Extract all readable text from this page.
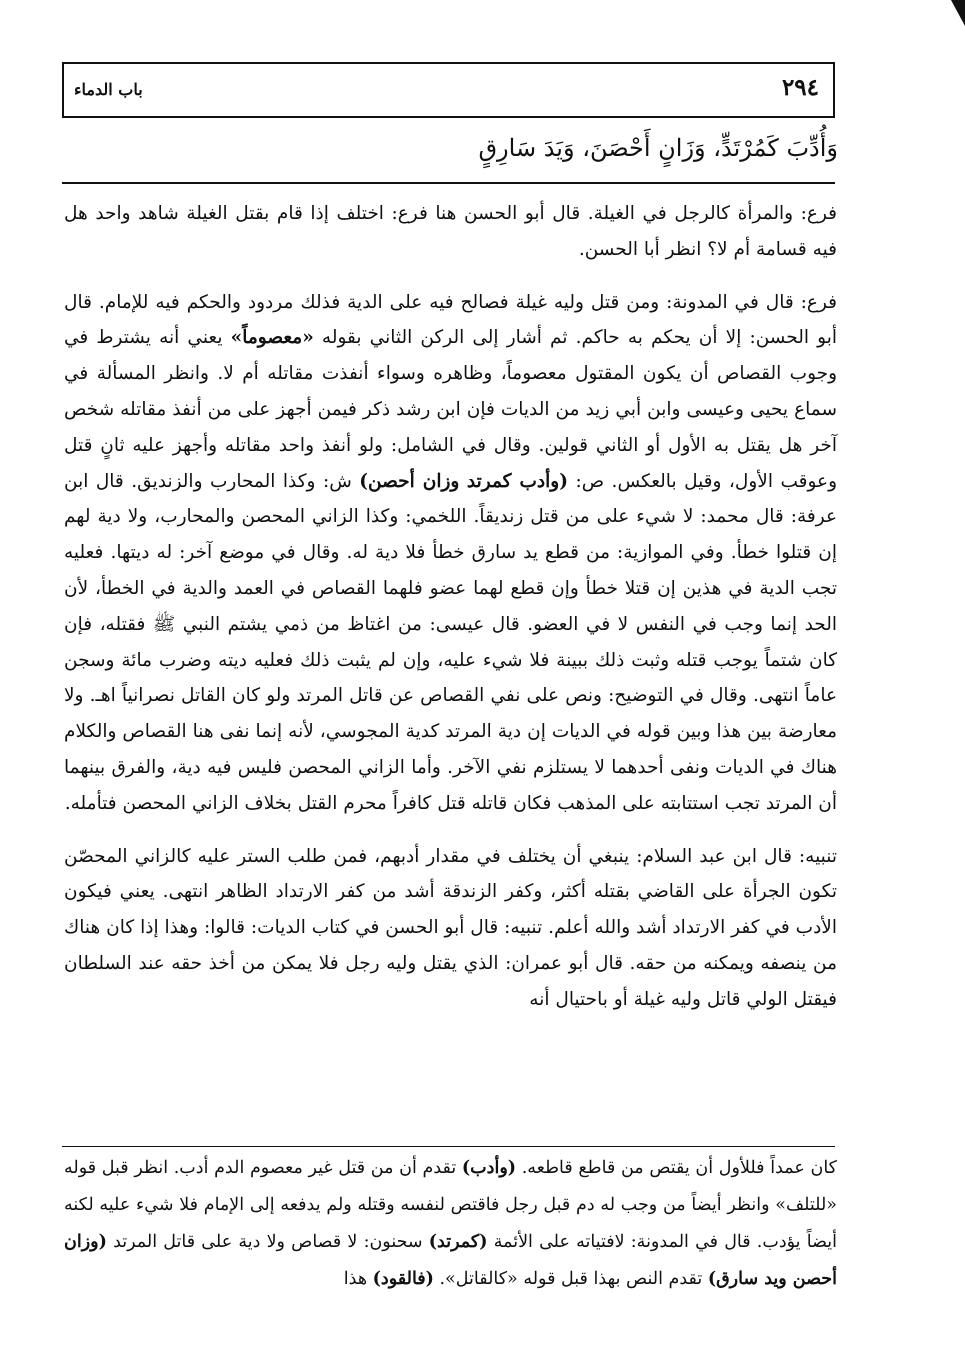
٢٩٤
باب الدماء
وَأُدِّبَ كَمُرْتَدٍّ، وَزَانٍ أَحْصَنَ، وَيَدَ سَارِقٍ

فرع: والمرأة كالرجل في الغيلة. قال أبو الحسن هنا فرع: اختلف إذا قام بقتل الغيلة شاهد واحد هل فيه قسامة أم لا؟ انظر أبا الحسن.

فرع: قال في المدونة: ومن قتل وليه غيلة فصالح فيه على الدية فذلك مردود والحكم فيه للإمام. قال أبو الحسن: إلا أن يحكم به حاكم. ثم أشار إلى الركن الثاني بقوله «معصوماً» يعني أنه يشترط في وجوب القصاص أن يكون المقتول معصوماً، وظاهره وسواء أنفذت مقاتله أم لا. وانظر المسألة في سماع يحيى وعيسى وابن أبي زيد من الديات فإن ابن رشد ذكر فيمن أجهز على من أنفذ مقاتله شخص آخر هل يقتل به الأول أو الثاني قولين. وقال في الشامل: ولو أنفذ واحد مقاتله وأجهز عليه ثانٍ قتل وعوقب الأول، وقيل بالعكس. ص: (وأدب كمرتد وزان أحصن) ش: وكذا المحارب والزنديق. قال ابن عرفة: قال محمد: لا شيء على من قتل زنديقاً. اللخمي: وكذا الزاني المحصن والمحارب، ولا دية لهم إن قتلوا خطأ. وفي الموازية: من قطع يد سارق خطأ فلا دية له. وقال في موضع آخر: له ديتها. فعليه تجب الدية في هذين إن قتلا خطأ وإن قطع لهما عضو فلهما القصاص في العمد والدية في الخطأ، لأن الحد إنما وجب في النفس لا في العضو. قال عيسى: من اغتاظ من ذمي يشتم النبي ﷺ فقتله، فإن كان شتماً يوجب قتله وثبت ذلك ببينة فلا شيء عليه، وإن لم يثبت ذلك فعليه ديته وضرب مائة وسجن عاماً انتهى. وقال في التوضيح: ونص على نفي القصاص عن قاتل المرتد ولو كان القاتل نصرانياً اهـ. ولا معارضة بين هذا وبين قوله في الديات إن دية المرتد كدية المجوسي، لأنه إنما نفى هنا القصاص والكلام هناك في الديات ونفى أحدهما لا يستلزم نفي الآخر. وأما الزاني المحصن فليس فيه دية، والفرق بينهما أن المرتد تجب استتابته على المذهب فكان قاتله قتل كافراً محرم القتل بخلاف الزاني المحصن فتأمله.

تنبيه: قال ابن عبد السلام: ينبغي أن يختلف في مقدار أدبهم، فمن طلب الستر عليه كالزاني المحصّن تكون الجرأة على القاضي بقتله أكثر، وكفر الزندقة أشد من كفر الارتداد الظاهر انتهى. يعني فيكون الأدب في كفر الارتداد أشد والله أعلم. تنبيه: قال أبو الحسن في كتاب الديات: قالوا: وهذا إذا كان هناك من ينصفه ويمكنه من حقه. قال أبو عمران: الذي يقتل وليه رجل فلا يمكن من أخذ حقه عند السلطان فيقتل الولي قاتل وليه غيلة أو باحتيال أنه

كان عمداً فللأول أن يقتص من قاطع قاطعه. (وأدب) تقدم أن من قتل غير معصوم الدم أدب. انظر قبل قوله «للتلف» وانظر أيضاً من وجب له دم قبل رجل فاقتص لنفسه وقتله ولم يدفعه إلى الإمام فلا شيء عليه لكنه أيضاً يؤدب. قال في المدونة: لافتياته على الأئمة (كمرتد) سحنون: لا قصاص ولا دية على قاتل المرتد (وزان أحصن ويد سارق) تقدم النص بهذا قبل قوله «كالقاتل». (فالقود) هذا
